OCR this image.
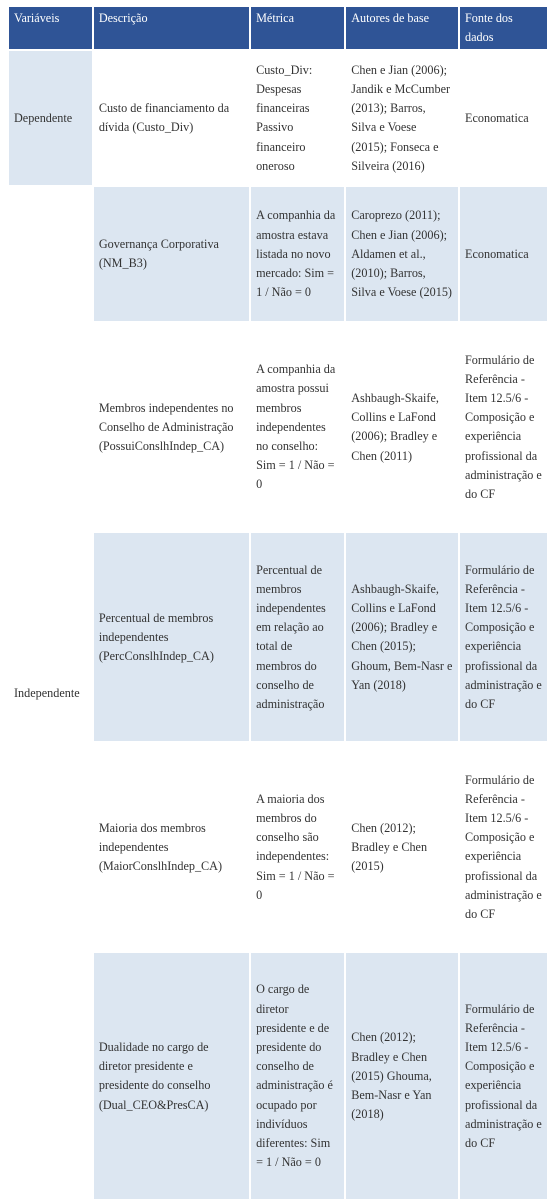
Variáveis	Descrição	Métrica	Autores de base	Fonte dos dados
Dependente	Custo de financiamento da dívida (Custo_Div)	Custo_Div: Despesas financeiras Passivo financeiro oneroso	Chen e Jian (2006); Jandik e McCumber (2013); Barros, Silva e Voese (2015); Fonseca e Silveira (2016)	Economatica
Independente	Governança Corporativa (NM_B3)	A companhia da amostra estava listada no novo mercado: Sim = 1 / Não = 0	Caroprezo (2011); Chen e Jian (2006); Aldamen et al., (2010); Barros, Silva e Voese (2015)	Economatica
	Membros independentes no Conselho de Administração (PossuiConslhIndep_CA)	A companhia da amostra possui membros independentes no conselho: Sim = 1 / Não = 0	Ashbaugh-Skaife, Collins e LaFond (2006); Bradley e Chen (2011)	Formulário de Referência - Item 12.5/6 - Composição e experiência profissional da administração e do CF
	Percentual de membros independentes (PercConslhIndep_CA)	Percentual de membros independentes em relação ao total de membros do conselho de administração	Ashbaugh-Skaife, Collins e LaFond (2006); Bradley e Chen (2015); Ghoum, Bem-Nasr e Yan (2018)	Formulário de Referência - Item 12.5/6 - Composição e experiência profissional da administração e do CF
	Maioria dos membros independentes (MaiorConslhIndep_CA)	A maioria dos membros do conselho são independentes: Sim = 1 / Não = 0	Chen (2012); Bradley e Chen (2015)	Formulário de Referência - Item 12.5/6 - Composição e experiência profissional da administração e do CF
	Dualidade no cargo de diretor presidente e presidente do conselho (Dual_CEO&PresCA)	O cargo de diretor presidente e de presidente do conselho de administração é ocupado por indivíduos diferentes: Sim = 1 / Não = 0	Chen (2012); Bradley e Chen (2015) Ghouma, Bem-Nasr e Yan (2018)	Formulário de Referência - Item 12.5/6 - Composição e experiência profissional da administração e do CF
